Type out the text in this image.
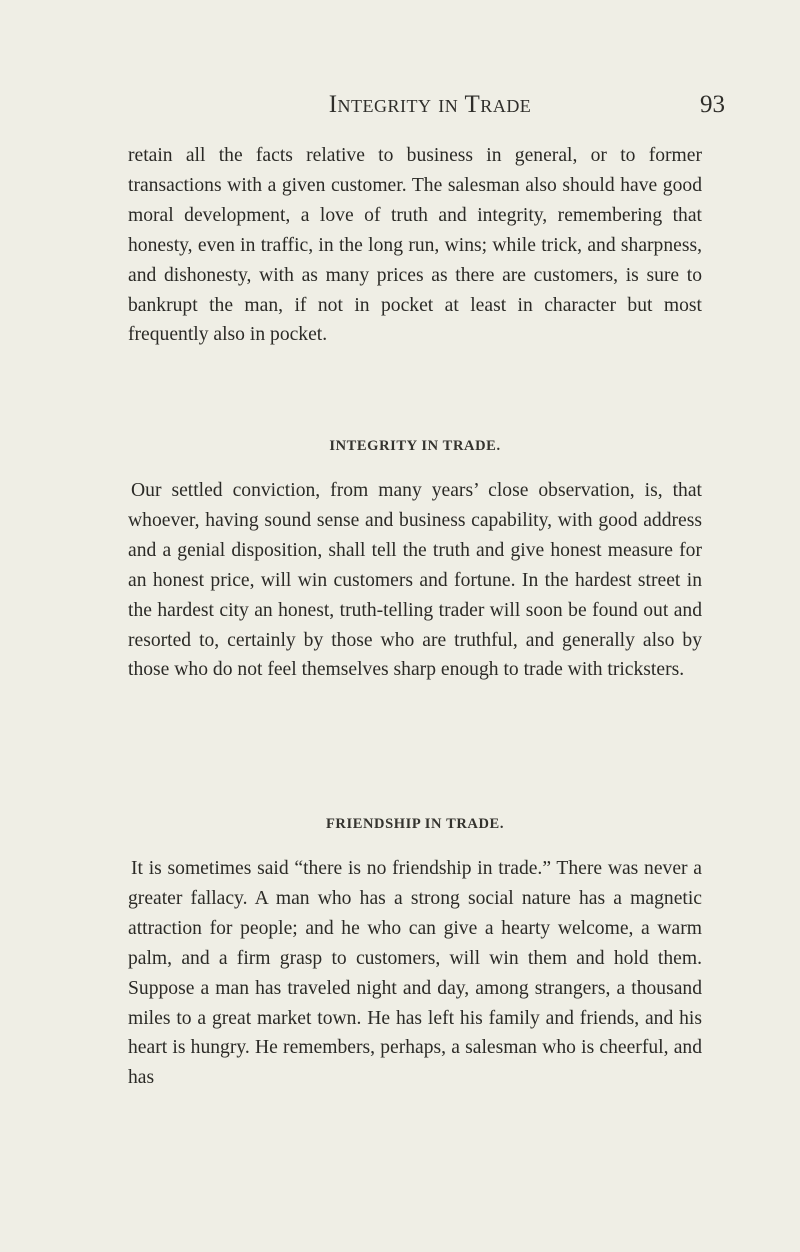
Integrity in Trade	93

retain all the facts relative to business in general, or to former transactions with a given customer. The salesman also should have good moral development, a love of truth and integrity, remembering that honesty, even in traffic, in the long run, wins; while trick, and sharpness, and dishonesty, with as many prices as there are customers, is sure to bankrupt the man, if not in pocket at least in character but most frequently also in pocket.

INTEGRITY IN TRADE.

Our settled conviction, from many years’ close observation, is, that whoever, having sound sense and business capability, with good address and a genial disposition, shall tell the truth and give honest measure for an honest price, will win customers and fortune. In the hardest street in the hardest city an honest, truth-telling trader will soon be found out and resorted to, certainly by those who are truthful, and generally also by those who do not feel themselves sharp enough to trade with tricksters.

FRIENDSHIP IN TRADE.

It is sometimes said “there is no friendship in trade.” There was never a greater fallacy. A man who has a strong social nature has a magnetic attraction for people; and he who can give a hearty welcome, a warm palm, and a firm grasp to customers, will win them and hold them. Suppose a man has traveled night and day, among strangers, a thousand miles to a great market town. He has left his family and friends, and his heart is hungry. He remembers, perhaps, a salesman who is cheerful, and has
